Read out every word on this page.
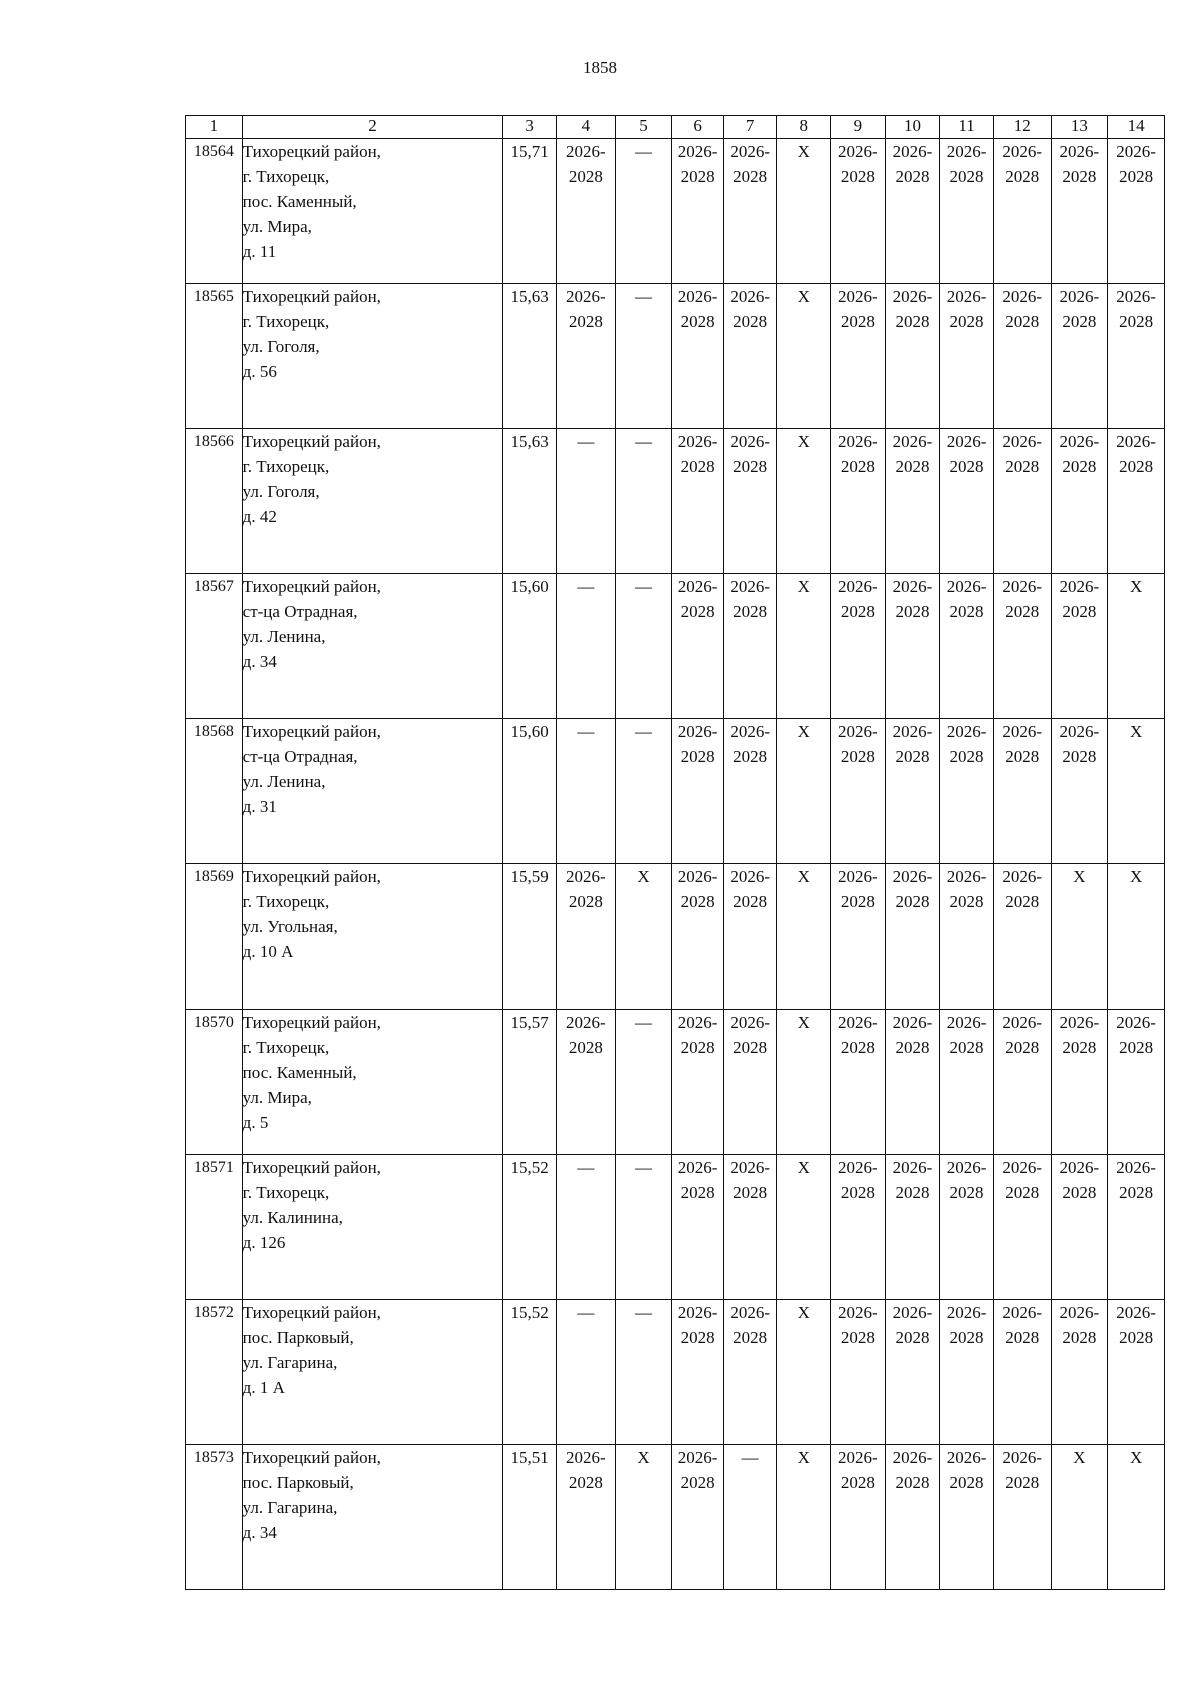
1858
1	2	3	4	5	6	7	8	9	10	11	12	13	14
18564	Тихорецкий район,
г. Тихорецк,
пос. Каменный,
ул. Мира,
д. 11	15,71	2026-
2028	—	2026-
2028	2026-
2028	X	2026-
2028	2026-
2028	2026-
2028	2026-
2028	2026-
2028	2026-
2028

18565	Тихорецкий район,
г. Тихорецк,
ул. Гоголя,
д. 56	15,63	2026-
2028	—	2026-
2028	2026-
2028	X	2026-
2028	2026-
2028	2026-
2028	2026-
2028	2026-
2028	2026-
2028

18566	Тихорецкий район,
г. Тихорецк,
ул. Гоголя,
д. 42	15,63	—	—	2026-
2028	2026-
2028	X	2026-
2028	2026-
2028	2026-
2028	2026-
2028	2026-
2028	2026-
2028

18567	Тихорецкий район,
ст-ца Отрадная,
ул. Ленина,
д. 34	15,60	—	—	2026-
2028	2026-
2028	X	2026-
2028	2026-
2028	2026-
2028	2026-
2028	2026-
2028	X
18568	Тихорецкий район,
ст-ца Отрадная,
ул. Ленина,
д. 31	15,60	—	—	2026-
2028	2026-
2028	X	2026-
2028	2026-
2028	2026-
2028	2026-
2028	2026-
2028	X
18569	Тихорецкий район,
г. Тихорецк,
ул. Угольная,
д. 10 А	15,59	2026-
2028	X	2026-
2028	2026-
2028	X	2026-
2028	2026-
2028	2026-
2028	2026-
2028	X	X
18570	Тихорецкий район,
г. Тихорецк,
пос. Каменный,
ул. Мира,
д. 5	15,57	2026-
2028	—	2026-
2028	2026-
2028	X	2026-
2028	2026-
2028	2026-
2028	2026-
2028	2026-
2028	2026-
2028

18571	Тихорецкий район,
г. Тихорецк,
ул. Калинина,
д. 126	15,52	—	—	2026-
2028	2026-
2028	X	2026-
2028	2026-
2028	2026-
2028	2026-
2028	2026-
2028	2026-
2028

18572	Тихорецкий район,
пос. Парковый,
ул. Гагарина,
д. 1 А	15,52	—	—	2026-
2028	2026-
2028	X	2026-
2028	2026-
2028	2026-
2028	2026-
2028	2026-
2028	2026-
2028

18573	Тихорецкий район,
пос. Парковый,
ул. Гагарина,
д. 34	15,51	2026-
2028	X	2026-
2028	—	X	2026-
2028	2026-
2028	2026-
2028	2026-
2028	X	X
